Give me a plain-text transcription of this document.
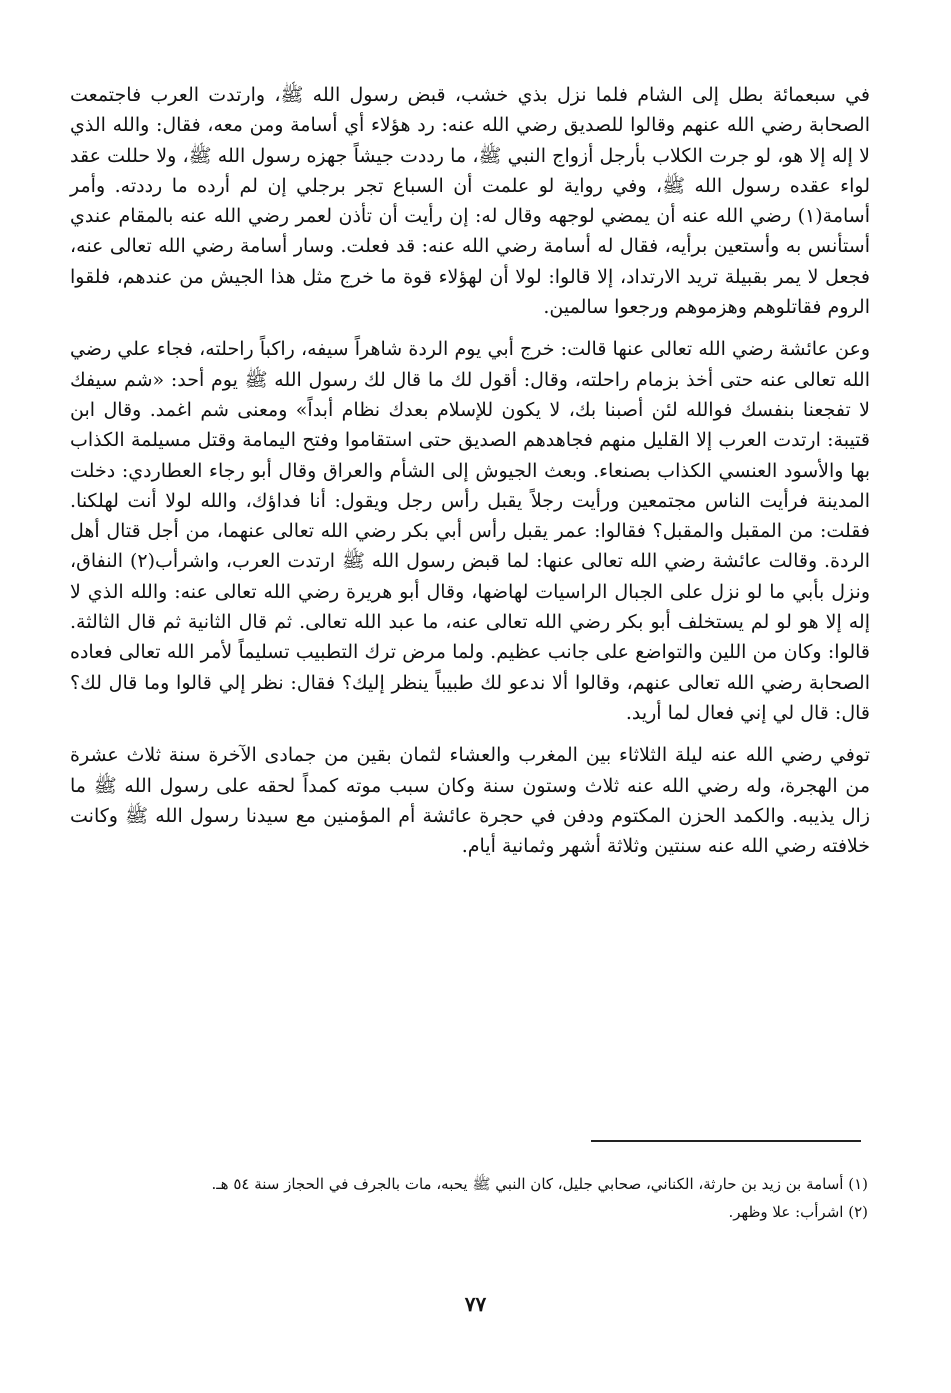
في سبعمائة بطل إلى الشام فلما نزل بذي خشب، قبض رسول الله ﷺ، وارتدت العرب فاجتمعت الصحابة رضي الله عنهم وقالوا للصديق رضي الله عنه: رد هؤلاء أي أسامة ومن معه، فقال: والله الذي لا إله إلا هو، لو جرت الكلاب بأرجل أزواج النبي ﷺ، ما رددت جيشاً جهزه رسول الله ﷺ، ولا حللت عقد لواء عقده رسول الله ﷺ، وفي رواية لو علمت أن السباع تجر برجلي إن لم أرده ما رددته. وأمر أسامة(١) رضي الله عنه أن يمضي لوجهه وقال له: إن رأيت أن تأذن لعمر رضي الله عنه بالمقام عندي أستأنس به وأستعين برأيه، فقال له أسامة رضي الله عنه: قد فعلت. وسار أسامة رضي الله تعالى عنه، فجعل لا يمر بقبيلة تريد الارتداد، إلا قالوا: لولا أن لهؤلاء قوة ما خرج مثل هذا الجيش من عندهم، فلقوا الروم فقاتلوهم وهزموهم ورجعوا سالمين.

وعن عائشة رضي الله تعالى عنها قالت: خرج أبي يوم الردة شاهراً سيفه، راكباً راحلته، فجاء علي رضي الله تعالى عنه حتى أخذ بزمام راحلته، وقال: أقول لك ما قال لك رسول الله ﷺ يوم أحد: «شم سيفك لا تفجعنا بنفسك فوالله لئن أصبنا بك، لا يكون للإسلام بعدك نظام أبداً» ومعنى شم اغمد. وقال ابن قتيبة: ارتدت العرب إلا القليل منهم فجاهدهم الصديق حتى استقاموا وفتح اليمامة وقتل مسيلمة الكذاب بها والأسود العنسي الكذاب بصنعاء. وبعث الجيوش إلى الشأم والعراق وقال أبو رجاء العطاردي: دخلت المدينة فرأيت الناس مجتمعين ورأيت رجلاً يقبل رأس رجل ويقول: أنا فداؤك، والله لولا أنت لهلكنا. فقلت: من المقبل والمقبل؟ فقالوا: عمر يقبل رأس أبي بكر رضي الله تعالى عنهما، من أجل قتال أهل الردة. وقالت عائشة رضي الله تعالى عنها: لما قبض رسول الله ﷺ ارتدت العرب، واشرأب(٢) النفاق، ونزل بأبي ما لو نزل على الجبال الراسيات لهاضها، وقال أبو هريرة رضي الله تعالى عنه: والله الذي لا إله إلا هو لو لم يستخلف أبو بكر رضي الله تعالى عنه، ما عبد الله تعالى. ثم قال الثانية ثم قال الثالثة. قالوا: وكان من اللين والتواضع على جانب عظيم. ولما مرض ترك التطبيب تسليماً لأمر الله تعالى فعاده الصحابة رضي الله تعالى عنهم، وقالوا ألا ندعو لك طبيباً ينظر إليك؟ فقال: نظر إلي قالوا وما قال لك؟ قال: قال لي إني فعال لما أريد.

توفي رضي الله عنه ليلة الثلاثاء بين المغرب والعشاء لثمان بقين من جمادى الآخرة سنة ثلاث عشرة من الهجرة، وله رضي الله عنه ثلاث وستون سنة وكان سبب موته كمداً لحقه على رسول الله ﷺ ما زال يذيبه. والكمد الحزن المكتوم ودفن في حجرة عائشة أم المؤمنين مع سيدنا رسول الله ﷺ وكانت خلافته رضي الله عنه سنتين وثلاثة أشهر وثمانية أيام.

(١) أسامة بن زيد بن حارثة، الكناني، صحابي جليل، كان النبي ﷺ يحبه، مات بالجرف في الحجاز سنة ٥٤ هـ.

(٢) اشرأب: علا وظهر.

٧٧
